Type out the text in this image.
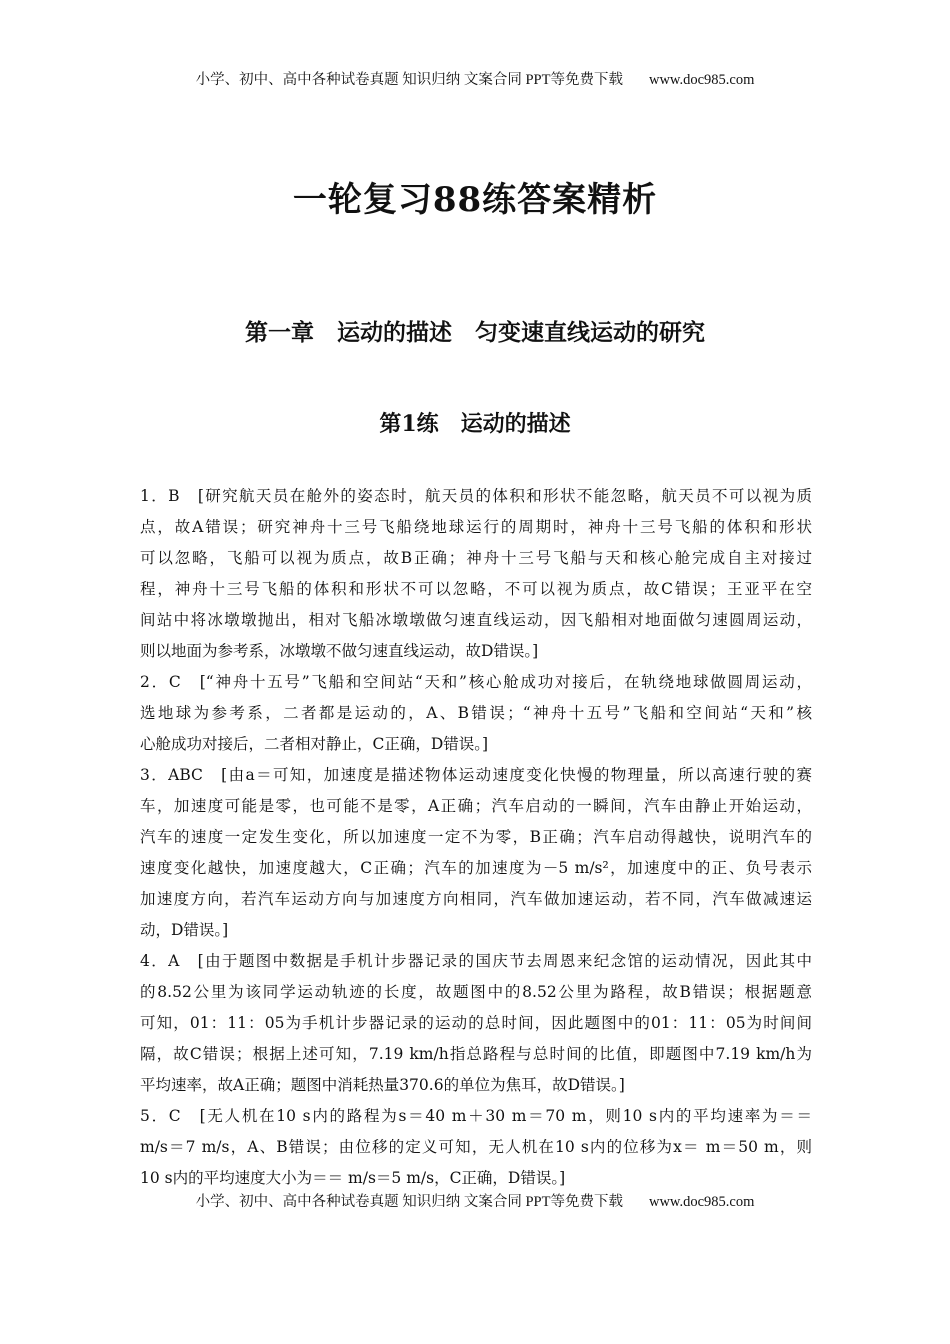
小学、初中、高中各种试卷真题 知识归纳 文案合同 PPT等免费下载 www.doc985.com
一轮复习88练答案精析
第一章　运动的描述　匀变速直线运动的研究
第1练　运动的描述
1．B　[研究航天员在舱外的姿态时，航天员的体积和形状不能忽略，航天员不可以视为质
点，故A错误；研究神舟十三号飞船绕地球运行的周期时，神舟十三号飞船的体积和形状
可以忽略，飞船可以视为质点，故B正确；神舟十三号飞船与天和核心舱完成自主对接过
程，神舟十三号飞船的体积和形状不可以忽略，不可以视为质点，故C错误；王亚平在空
间站中将冰墩墩抛出，相对飞船冰墩墩做匀速直线运动，因飞船相对地面做匀速圆周运动，
则以地面为参考系，冰墩墩不做匀速直线运动，故D错误。]
2．C　[“神舟十五号”飞船和空间站“天和”核心舱成功对接后，在轨绕地球做圆周运动，
选地球为参考系，二者都是运动的，A、B错误；“神舟十五号”飞船和空间站“天和”核
心舱成功对接后，二者相对静止，C正确，D错误。]
3．ABC　[由a＝可知，加速度是描述物体运动速度变化快慢的物理量，所以高速行驶的赛
车，加速度可能是零，也可能不是零，A正确；汽车启动的一瞬间，汽车由静止开始运动，
汽车的速度一定发生变化，所以加速度一定不为零，B正确；汽车启动得越快，说明汽车的
速度变化越快，加速度越大，C正确；汽车的加速度为－5 m/s²，加速度中的正、负号表示
加速度方向，若汽车运动方向与加速度方向相同，汽车做加速运动，若不同，汽车做减速运
动，D错误。]
4．A　[由于题图中数据是手机计步器记录的国庆节去周恩来纪念馆的运动情况，因此其中
的8.52公里为该同学运动轨迹的长度，故题图中的8.52公里为路程，故B错误；根据题意
可知，01：11：05为手机计步器记录的运动的总时间，因此题图中的01：11：05为时间间
隔，故C错误；根据上述可知，7.19 km/h指总路程与总时间的比值，即题图中7.19 km/h为
平均速率，故A正确；题图中消耗热量370.6的单位为焦耳，故D错误。]
5．C　[无人机在10 s内的路程为s＝40 m＋30 m＝70 m，则10 s内的平均速率为＝＝
m/s＝7 m/s，A、B错误；由位移的定义可知，无人机在10 s内的位移为x＝ m＝50 m，则
10 s内的平均速度大小为＝＝ m/s＝5 m/s，C正确，D错误。]
小学、初中、高中各种试卷真题 知识归纳 文案合同 PPT等免费下载 www.doc985.com
